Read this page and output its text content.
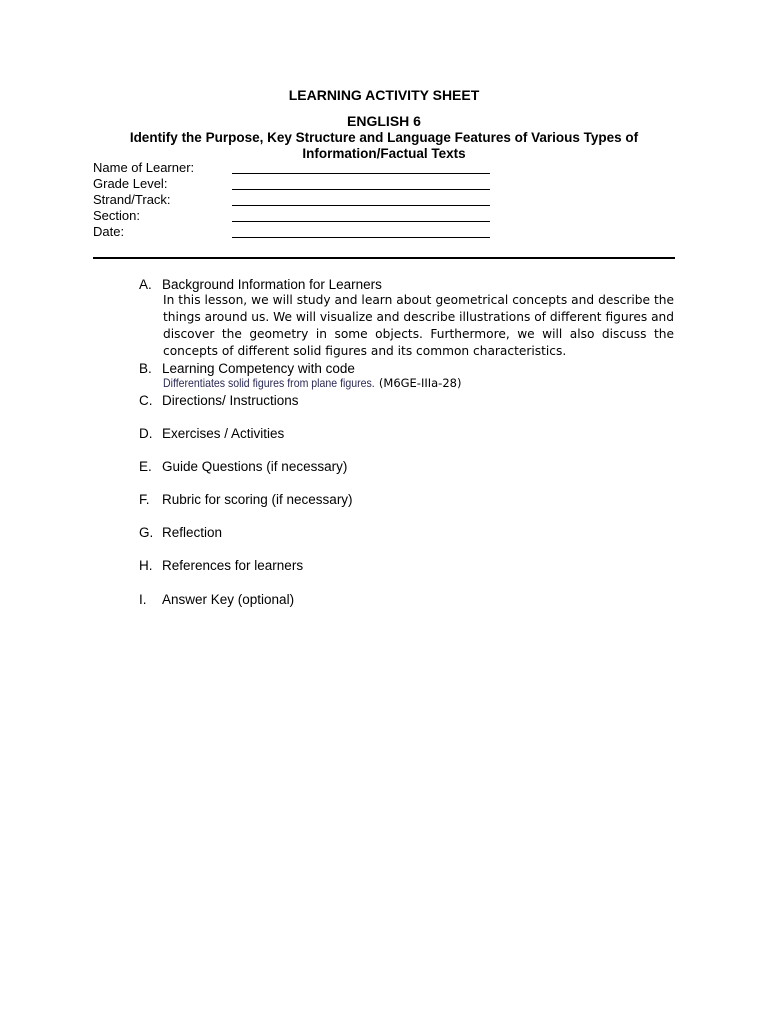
LEARNING ACTIVITY SHEET
ENGLISH 6
Identify the Purpose, Key Structure and Language Features of Various Types of Information/Factual Texts
Name of Learner:
Grade Level:
Strand/Track:
Section:
Date:
A. Background Information for Learners
B. Learning Competency with code
C. Directions/ Instructions
D. Exercises / Activities
E. Guide Questions (if necessary)
F. Rubric for scoring (if necessary)
G. Reflection
H. References for learners
I. Answer Key (optional)
In this lesson, we will study and learn about geometrical concepts and describe the things around us. We will visualize and describe illustrations of different figures and discover the geometry in some objects. Furthermore, we will also discuss the concepts of different solid figures and its common characteristics.
Differentiates solid figures from plane figures. (M6GE-IIIa-28)
